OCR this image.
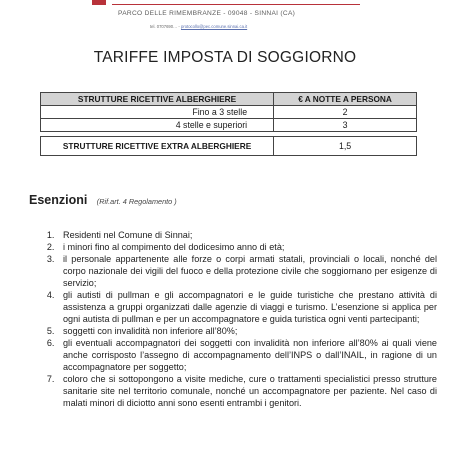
PARCO DELLE RIMEMBRANZE - 09048 - SINNAI (CA)
tel. 0707690… - protocollo@pec.comune.sinnai.ca.it
TARIFFE IMPOSTA DI SOGGIORNO
STRUTTURE RICETTIVE ALBERGHIERE	€ A NOTTE A PERSONA
Fino a 3 stelle	2
4 stelle e superiori	3

STRUTTURE RICETTIVE EXTRA ALBERGHIERE	1,5
Esenzioni (Rif.art. 4 Regolamento )
1. Residenti nel Comune di Sinnai;
2. i minori fino al compimento del dodicesimo anno di età;
3. il personale appartenente alle forze o corpi armati statali, provinciali o locali, nonché del corpo nazionale dei vigili del fuoco e della protezione civile che soggiornano per esigenze di servizio;
4. gli autisti di pullman e gli accompagnatori e le guide turistiche che prestano attività di assistenza a gruppi organizzati dalle agenzie di viaggi e turismo. L’esenzione si applica per ogni autista di pullman e per un accompagnatore e guida turistica ogni venti partecipanti;
5. soggetti con invalidità non inferiore all’80%;
6. gli eventuali accompagnatori dei soggetti con invalidità non inferiore all’80% ai quali viene anche corrisposto l’assegno di accompagnamento dell’INPS o dall’INAIL, in ragione di un accompagnatore per soggetto;
7. coloro che si sottopongono a visite mediche, cure o trattamenti specialistici presso strutture sanitarie site nel territorio comunale, nonché un accompagnatore per paziente. Nel caso di malati minori di diciotto anni sono esenti entrambi i genitori.
